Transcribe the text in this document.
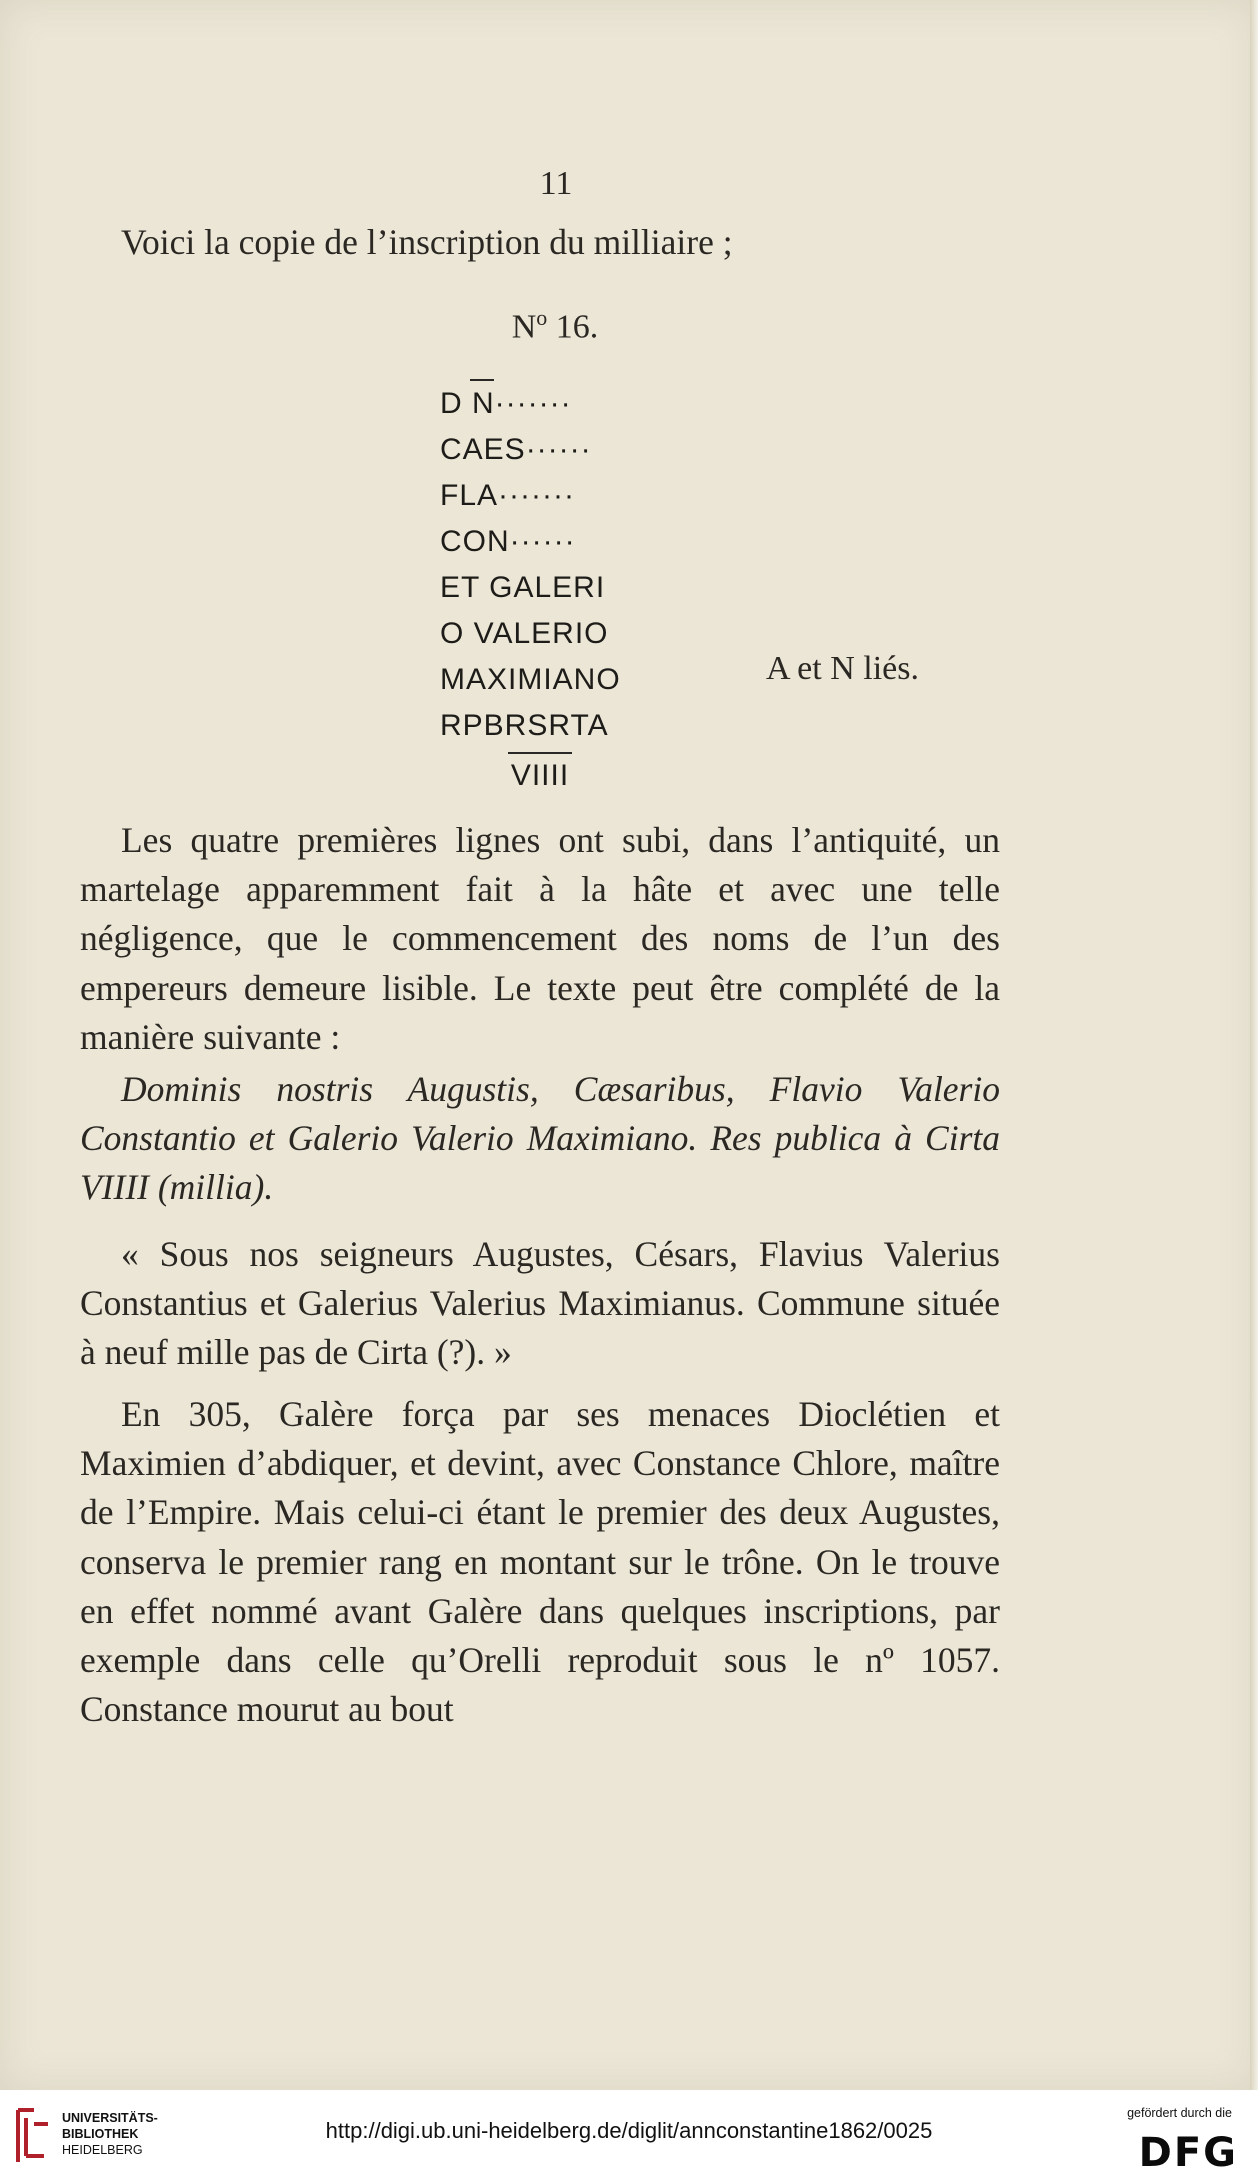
11

Voici la copie de l’inscription du milliaire ;

$N^o$ 16.
D N·······
CAES······
FLA·······
CON······
ET GALERI
O VALERIO
MAXIMIANO
RPBRSRTA
VIIII
A et N liés.

Les quatre premières lignes ont subi, dans l’antiquité, un martelage apparemment fait à la hâte et avec une telle négligence, que le commencement des noms de l’un des empereurs demeure lisible. Le texte peut être complété de la manière suivante :

Dominis nostris Augustis, Cæsaribus, Flavio Valerio Constantio et Galerio Valerio Maximiano. Res publica à Cirta VIIII (millia).

« Sous nos seigneurs Augustes, Césars, Flavius Valerius Constantius et Galerius Valerius Maximianus. Commune située à neuf mille pas de Cirta (?). »

En 305, Galère força par ses menaces Dioclétien et Maximien d’abdiquer, et devint, avec Constance Chlore, maître de l’Empire. Mais celui-ci étant le premier des deux Augustes, conserva le premier rang en montant sur le trône. On le trouve en effet nommé avant Galère dans quelques inscriptions, par exemple dans celle qu’Orelli reproduit sous le nº 1057. Constance mourut au bout

UNIVERSITÄTS-
BIBLIOTHEK
HEIDELBERG
http://digi.ub.uni-heidelberg.de/diglit/annconstantine1862/0025
gefördert durch die
DFG
